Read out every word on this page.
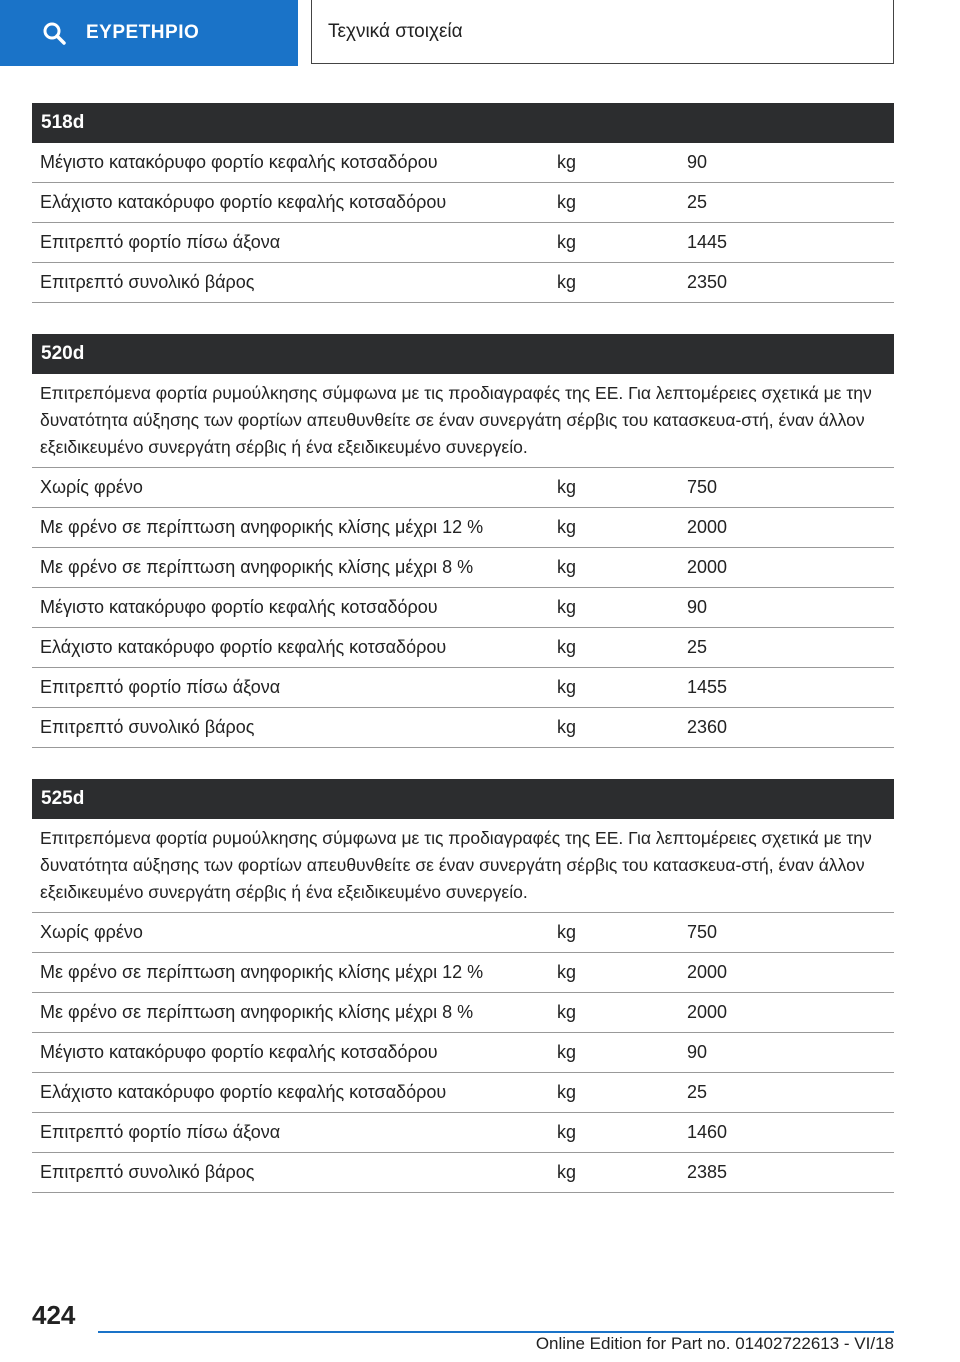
ΕΥΡΕΤΗΡΙΟ	Τεχνικά στοιχεία
518d
Μέγιστο κατακόρυφο φορτίο κεφαλής κοτσαδόρου	kg	90
Ελάχιστο κατακόρυφο φορτίο κεφαλής κοτσαδόρου	kg	25
Επιτρεπτό φορτίο πίσω άξονα	kg	1445
Επιτρεπτό συνολικό βάρος	kg	2350
520d
Επιτρεπόμενα φορτία ρυμούλκησης σύμφωνα με τις προδιαγραφές της ΕΕ. Για λεπτομέρειες σχετικά με την δυνατότητα αύξησης των φορτίων απευθυνθείτε σε έναν συνεργάτη σέρβις του κατασκευα-στή, έναν άλλον εξειδικευμένο συνεργάτη σέρβις ή ένα εξειδικευμένο συνεργείο.
Χωρίς φρένο	kg	750
Με φρένο σε περίπτωση ανηφορικής κλίσης μέχρι 12 %	kg	2000
Με φρένο σε περίπτωση ανηφορικής κλίσης μέχρι 8 %	kg	2000
Μέγιστο κατακόρυφο φορτίο κεφαλής κοτσαδόρου	kg	90
Ελάχιστο κατακόρυφο φορτίο κεφαλής κοτσαδόρου	kg	25
Επιτρεπτό φορτίο πίσω άξονα	kg	1455
Επιτρεπτό συνολικό βάρος	kg	2360
525d
Επιτρεπόμενα φορτία ρυμούλκησης σύμφωνα με τις προδιαγραφές της ΕΕ. Για λεπτομέρειες σχετικά με την δυνατότητα αύξησης των φορτίων απευθυνθείτε σε έναν συνεργάτη σέρβις του κατασκευα-στή, έναν άλλον εξειδικευμένο συνεργάτη σέρβις ή ένα εξειδικευμένο συνεργείο.
Χωρίς φρένο	kg	750
Με φρένο σε περίπτωση ανηφορικής κλίσης μέχρι 12 %	kg	2000
Με φρένο σε περίπτωση ανηφορικής κλίσης μέχρι 8 %	kg	2000
Μέγιστο κατακόρυφο φορτίο κεφαλής κοτσαδόρου	kg	90
Ελάχιστο κατακόρυφο φορτίο κεφαλής κοτσαδόρου	kg	25
Επιτρεπτό φορτίο πίσω άξονα	kg	1460
Επιτρεπτό συνολικό βάρος	kg	2385
424
Online Edition for Part no. 01402722613 - VI/18
